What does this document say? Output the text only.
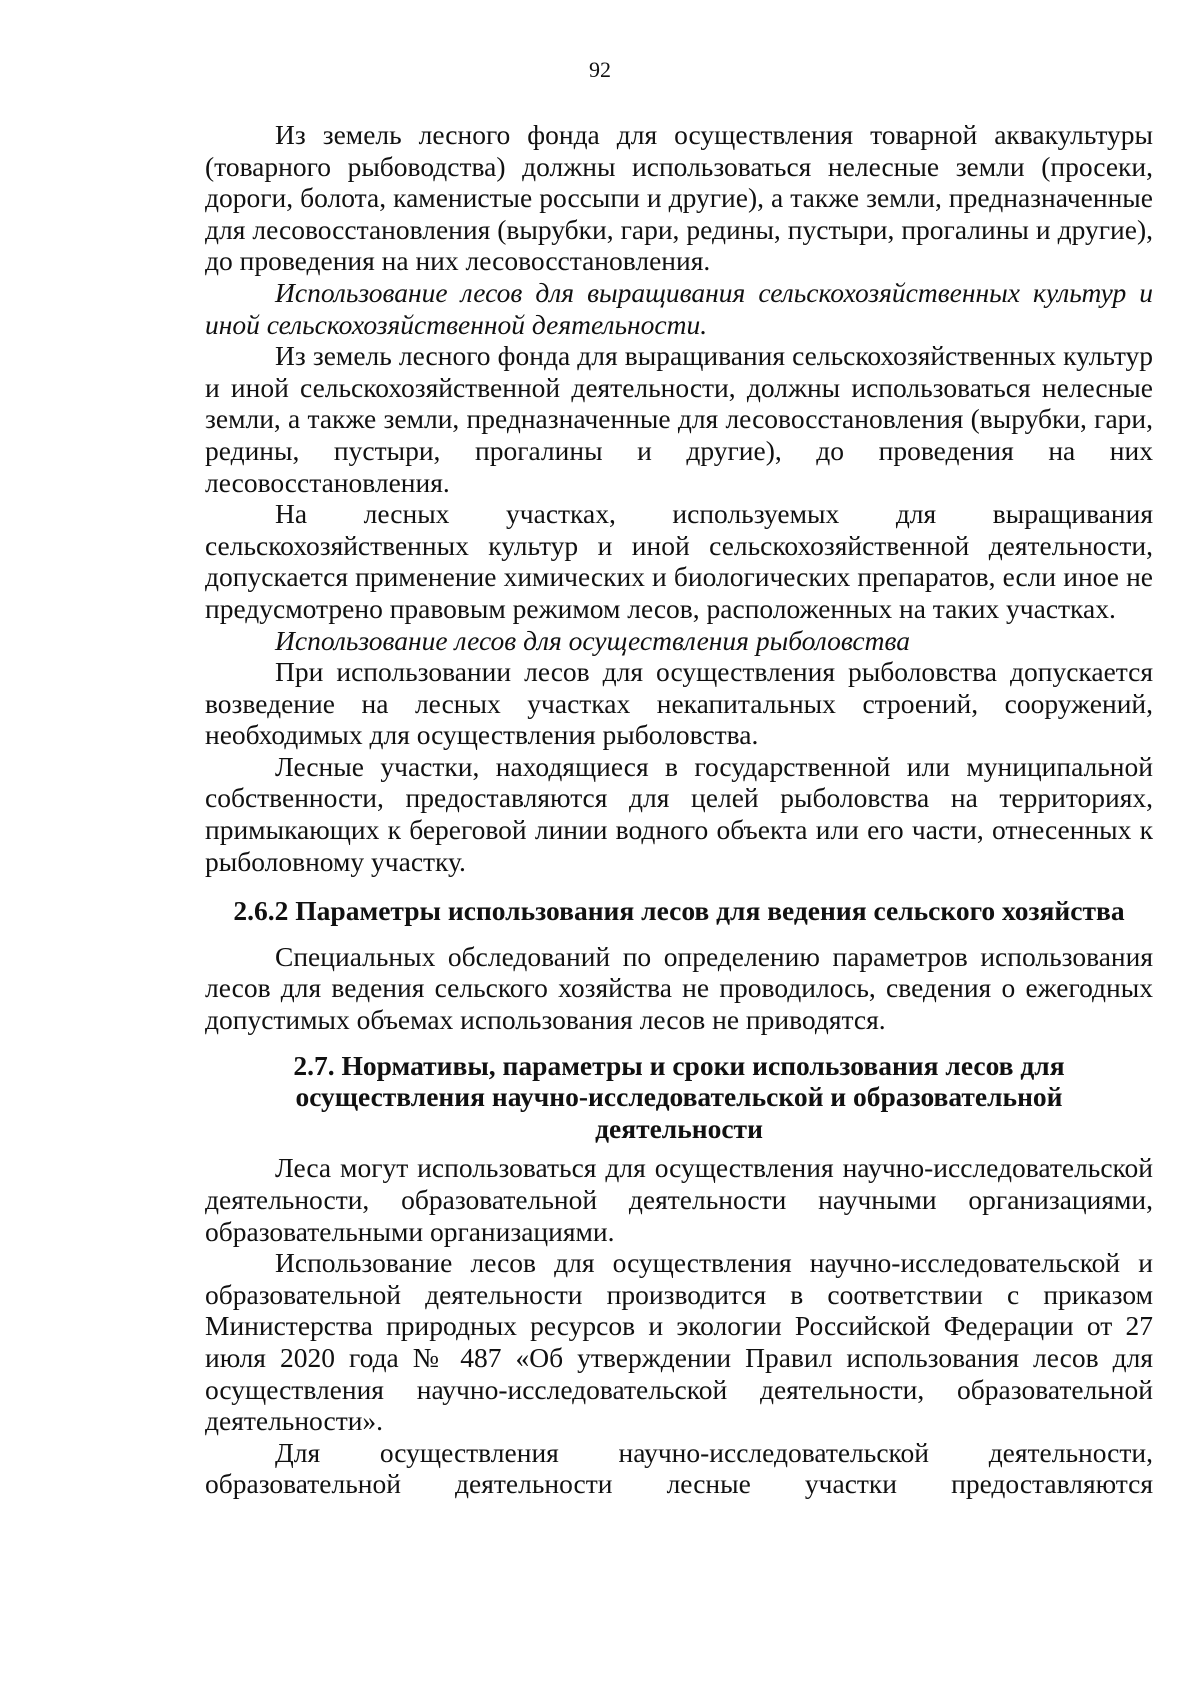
92

Из земель лесного фонда для осуществления товарной аквакультуры (товарного рыбоводства) должны использоваться нелесные земли (просеки, дороги, болота, каменистые россыпи и другие), а также земли, предназначенные для лесовосстановления (вырубки, гари, редины, пустыри, прогалины и другие), до проведения на них лесовосстановления.

Использование лесов для выращивания сельскохозяйственных культур и иной сельскохозяйственной деятельности.

Из земель лесного фонда для выращивания сельскохозяйственных культур и иной сельскохозяйственной деятельности, должны использоваться нелесные земли, а также земли, предназначенные для лесовосстановления (вырубки, гари, редины, пустыри, прогалины и другие), до проведения на них лесовосстановления.

На лесных участках, используемых для выращивания сельскохозяйственных культур и иной сельскохозяйственной деятельности, допускается применение химических и биологических препаратов, если иное не предусмотрено правовым режимом лесов, расположенных на таких участках.

Использование лесов для осуществления рыболовства

При использовании лесов для осуществления рыболовства допускается возведение на лесных участках некапитальных строений, сооружений, необходимых для осуществления рыболовства.

Лесные участки, находящиеся в государственной или муниципальной собственности, предоставляются для целей рыболовства на территориях, примыкающих к береговой линии водного объекта или его части, отнесенных к рыболовному участку.

2.6.2 Параметры использования лесов для ведения сельского хозяйства

Специальных обследований по определению параметров использования лесов для ведения сельского хозяйства не проводилось, сведения о ежегодных допустимых объемах использования лесов не приводятся.

2.7. Нормативы, параметры и сроки использования лесов для осуществления научно-исследовательской и образовательной деятельности

Леса могут использоваться для осуществления научно-исследовательской деятельности, образовательной деятельности научными организациями, образовательными организациями.

Использование лесов для осуществления научно-исследовательской и образовательной деятельности производится в соответствии с приказом Министерства природных ресурсов и экологии Российской Федерации от 27 июля 2020 года № 487 «Об утверждении Правил использования лесов для осуществления научно-исследовательской деятельности, образовательной деятельности».

Для осуществления научно-исследовательской деятельности, образовательной деятельности лесные участки предоставляются
